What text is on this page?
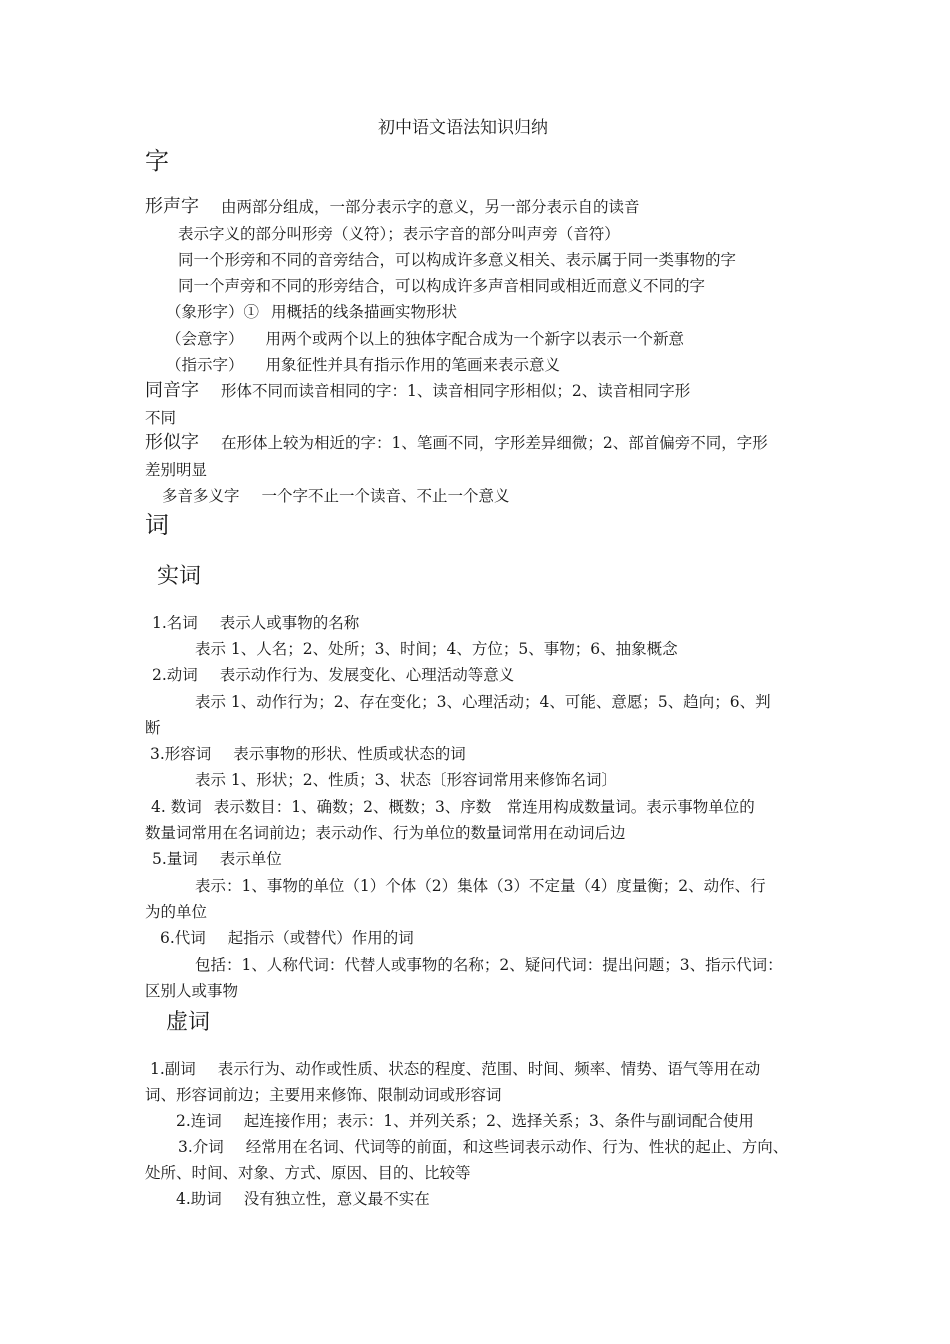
初中语文语法知识归纳
字
形声字 由两部分组成，一部分表示字的意义，另一部分表示自的读音
表示字义的部分叫形旁（义符）；表示字音的部分叫声旁（音符）
同一个形旁和不同的音旁结合，可以构成许多意义相关、表示属于同一类事物的字
同一个声旁和不同的形旁结合，可以构成许多声音相同或相近而意义不同的字
（象形字）① 用概括的线条描画实物形状
（会意字） 用两个或两个以上的独体字配合成为一个新字以表示一个新意
（指示字） 用象征性并具有指示作用的笔画来表示意义
同音字 形体不同而读音相同的字：1、读音相同字形相似；2、读音相同字形
不同
形似字 在形体上较为相近的字：1、笔画不同，字形差异细微；2、部首偏旁不同，字形
差别明显
多音多义字 一个字不止一个读音、不止一个意义
词
实词
1.名词 表示人或事物的名称
表示 1、人名；2、处所；3、时间；4、方位；5、事物；6、抽象概念
2.动词 表示动作行为、发展变化、心理活动等意义
表示 1、动作行为；2、存在变化；3、心理活动；4、可能、意愿；5、趋向；6、判
断
3.形容词 表示事物的形状、性质或状态的词
表示 1、形状；2、性质；3、状态〔形容词常用来修饰名词〕
4. 数词 表示数目：1、确数；2、概数；3、序数　常连用构成数量词。表示事物单位的
数量词常用在名词前边；表示动作、行为单位的数量词常用在动词后边
5.量词 表示单位
表示：1、事物的单位（1）个体（2）集体（3）不定量（4）度量衡；2、动作、行
为的单位
6.代词 起指示（或替代）作用的词
包括：1、人称代词：代替人或事物的名称；2、疑问代词：提出问题；3、指示代词：
区别人或事物
虚词
1.副词 表示行为、动作或性质、状态的程度、范围、时间、频率、情势、语气等用在动
词、形容词前边；主要用来修饰、限制动词或形容词
2.连词 起连接作用；表示：1、并列关系；2、选择关系；3、条件与副词配合使用
3.介词 经常用在名词、代词等的前面，和这些词表示动作、行为、性状的起止、方向、
处所、时间、对象、方式、原因、目的、比较等
4.助词 没有独立性，意义最不实在
